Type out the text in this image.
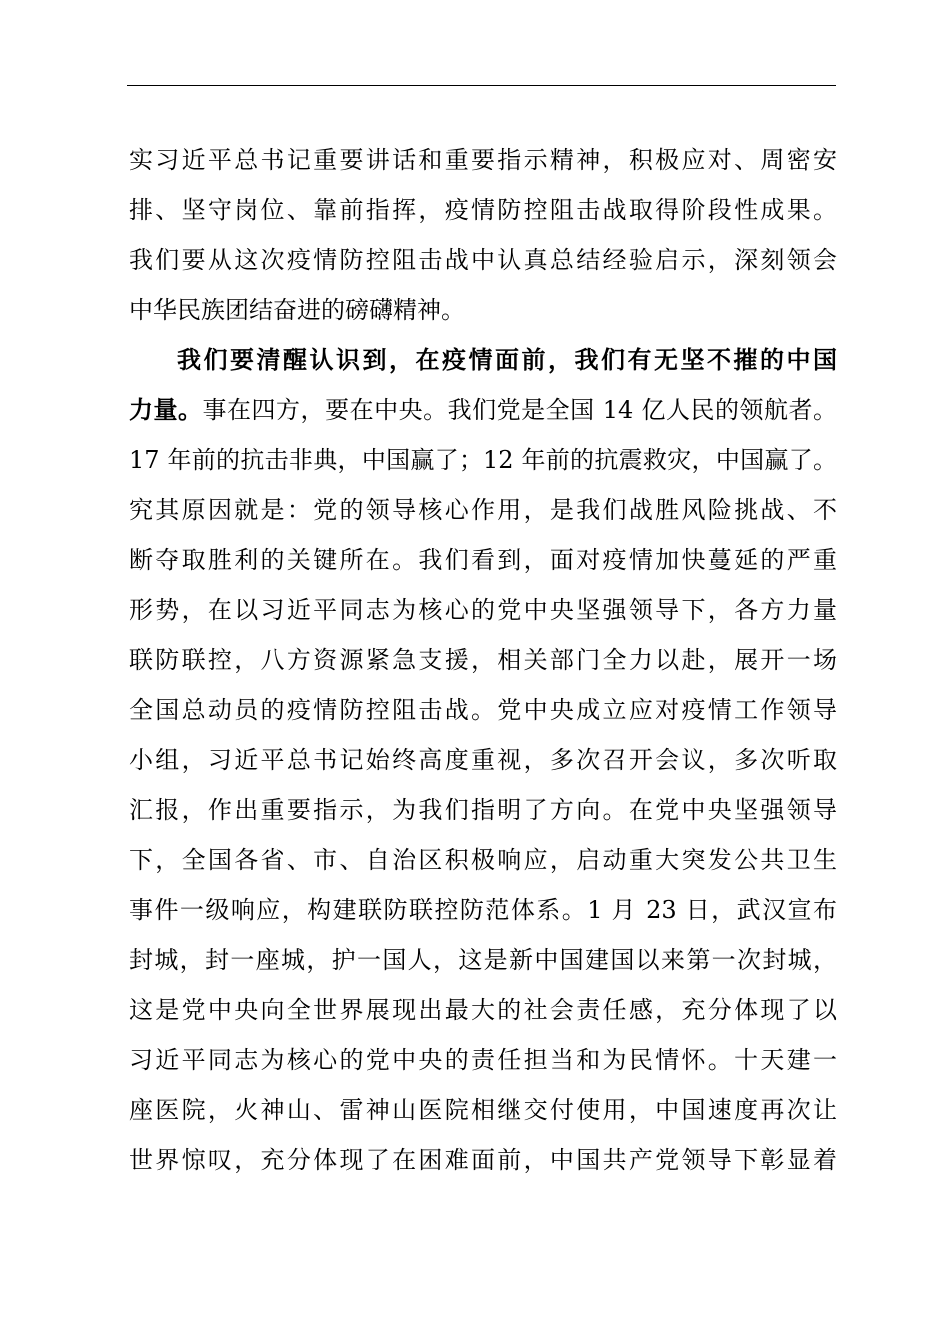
实习近平总书记重要讲话和重要指示精神，积极应对、周密安
排、坚守岗位、靠前指挥，疫情防控阻击战取得阶段性成果。
我们要从这次疫情防控阻击战中认真总结经验启示，深刻领会
中华民族团结奋进的磅礴精神。
我们要清醒认识到，在疫情面前，我们有无坚不摧的中国
力量。事在四方，要在中央。我们党是全国 14 亿人民的领航者。
17 年前的抗击非典，中国赢了；12 年前的抗震救灾，中国赢了。
究其原因就是：党的领导核心作用，是我们战胜风险挑战、不
断夺取胜利的关键所在。我们看到，面对疫情加快蔓延的严重
形势，在以习近平同志为核心的党中央坚强领导下，各方力量
联防联控，八方资源紧急支援，相关部门全力以赴，展开一场
全国总动员的疫情防控阻击战。党中央成立应对疫情工作领导
小组，习近平总书记始终高度重视，多次召开会议，多次听取
汇报，作出重要指示，为我们指明了方向。在党中央坚强领导
下，全国各省、市、自治区积极响应，启动重大突发公共卫生
事件一级响应，构建联防联控防范体系。1 月 23 日，武汉宣布
封城，封一座城，护一国人，这是新中国建国以来第一次封城，
这是党中央向全世界展现出最大的社会责任感，充分体现了以
习近平同志为核心的党中央的责任担当和为民情怀。十天建一
座医院，火神山、雷神山医院相继交付使用，中国速度再次让
世界惊叹，充分体现了在困难面前，中国共产党领导下彰显着
